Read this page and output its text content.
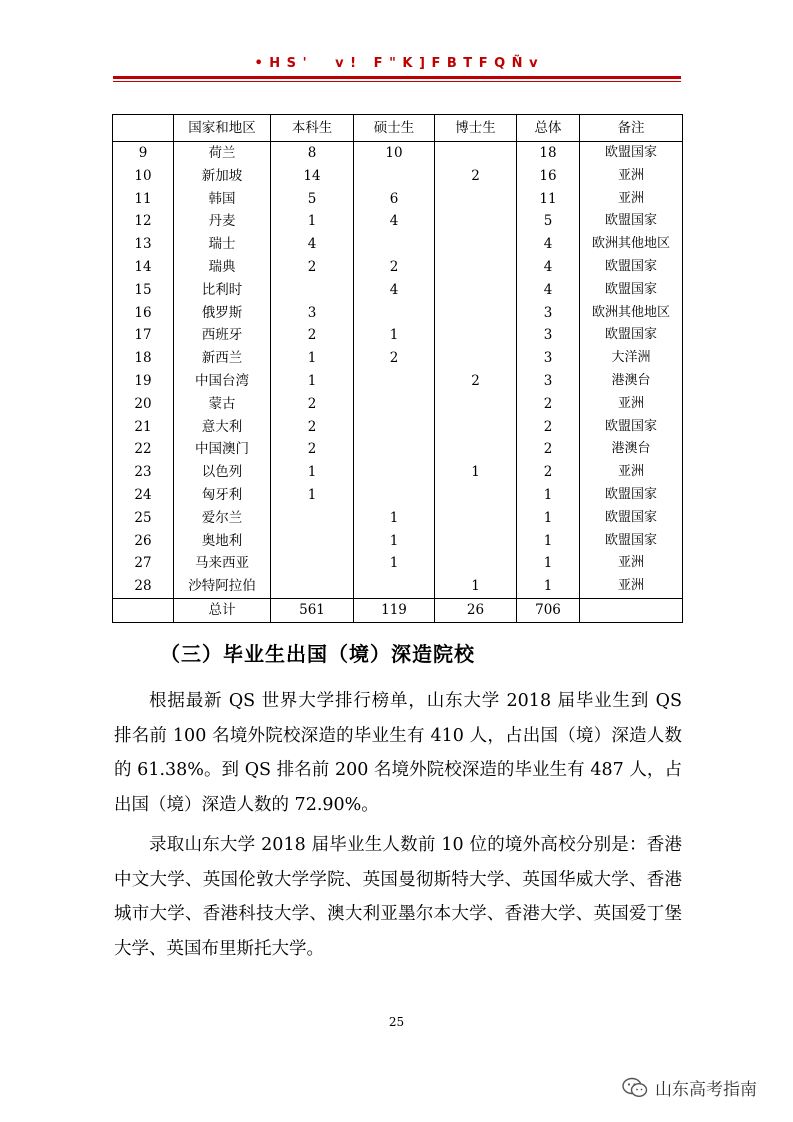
• H S '     v !   F " K ] F B T F Q Ñ v
	国家和地区	本科生	硕士生	博士生	总体	备注
9	荷兰	8	10		18	欧盟国家
10	新加坡	14		2	16	亚洲
11	韩国	5	6		11	亚洲
12	丹麦	1	4		5	欧盟国家
13	瑞士	4			4	欧洲其他地区
14	瑞典	2	2		4	欧盟国家
15	比利时		4		4	欧盟国家
16	俄罗斯	3			3	欧洲其他地区
17	西班牙	2	1		3	欧盟国家
18	新西兰	1	2		3	大洋洲
19	中国台湾	1		2	3	港澳台
20	蒙古	2			2	亚洲
21	意大利	2			2	欧盟国家
22	中国澳门	2			2	港澳台
23	以色列	1		1	2	亚洲
24	匈牙利	1			1	欧盟国家
25	爱尔兰		1		1	欧盟国家
26	奥地利		1		1	欧盟国家
27	马来西亚		1		1	亚洲
28	沙特阿拉伯			1	1	亚洲
	总计	561	119	26	706	
（三）毕业生出国（境）深造院校

根据最新 QS 世界大学排行榜单，山东大学 2018 届毕业生到 QS 排名前 100 名境外院校深造的毕业生有 410 人，占出国（境）深造人数的 61.38%。到 QS 排名前 200 名境外院校深造的毕业生有 487 人，占出国（境）深造人数的 72.90%。

录取山东大学 2018 届毕业生人数前 10 位的境外高校分别是：香港中文大学、英国伦敦大学学院、英国曼彻斯特大学、英国华威大学、香港城市大学、香港科技大学、澳大利亚墨尔本大学、香港大学、英国爱丁堡大学、英国布里斯托大学。

25
山东高考指南
